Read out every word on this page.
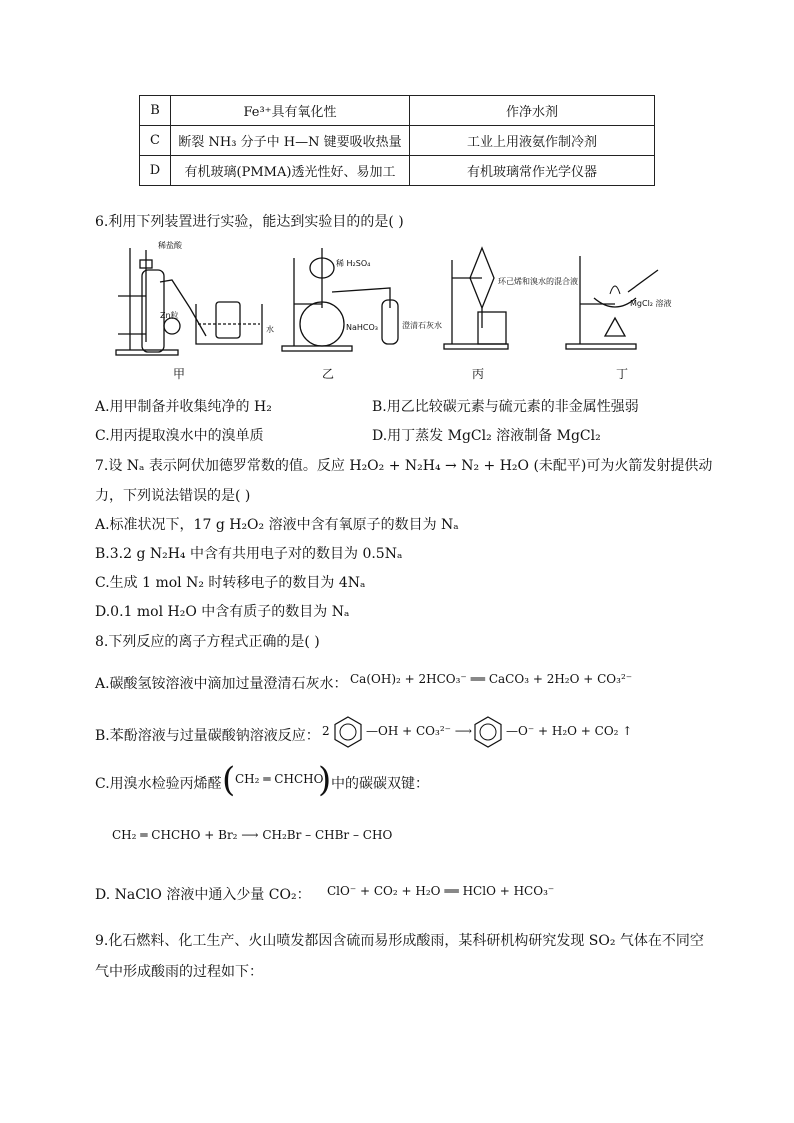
B	Fe³⁺具有氧化性	作净水剂
C	断裂 NH₃ 分子中 H—N 键要吸收热量	工业上用液氨作制冷剂
D	有机玻璃(PMMA)透光性好、易加工	有机玻璃常作光学仪器
6.利用下列装置进行实验，能达到实验目的的是( )
稀盐酸
Zn粒
水
稀 H₂SO₄
NaHCO₃	澄清石灰水
环己烯和溴水的混合液
MgCl₂ 溶液
甲	乙	丙	丁
A.用甲制备并收集纯净的 H₂	B.用乙比较碳元素与硫元素的非金属性强弱
C.用丙提取溴水中的溴单质	D.用丁蒸发 MgCl₂ 溶液制备 MgCl₂
7.设 Nₐ 表示阿伏加德罗常数的值。反应 H₂O₂ + N₂H₄ → N₂ + H₂O (未配平)可为火箭发射提供动
力，下列说法错误的是( )
A.标准状况下，17 g H₂O₂ 溶液中含有氧原子的数目为 Nₐ
B.3.2 g N₂H₄ 中含有共用电子对的数目为 0.5Nₐ
C.生成 1 mol N₂ 时转移电子的数目为 4Nₐ
D.0.1 mol H₂O 中含有质子的数目为 Nₐ
8.下列反应的离子方程式正确的是( )
A.碳酸氢铵溶液中滴加过量澄清石灰水： Ca(OH)₂ + 2HCO₃⁻ ══ CaCO₃ + 2H₂O + CO₃²⁻
B.苯酚溶液与过量碳酸钠溶液反应： 2	—OH + CO₃²⁻ ⟶	—O⁻ + H₂O + CO₂ ↑
C.用溴水检验丙烯醛 ( CH₂ ═ CHCHO
) 中的碳碳双键：
CH₂ ═ CHCHO + Br₂ ⟶ CH₂Br – CHBr – CHO
D. NaClO 溶液中通入少量 CO₂： ClO⁻ + CO₂ + H₂O ══ HClO + HCO₃⁻
9.化石燃料、化工生产、火山喷发都因含硫而易形成酸雨，某科研机构研究发现 SO₂ 气体在不同空
气中形成酸雨的过程如下：
